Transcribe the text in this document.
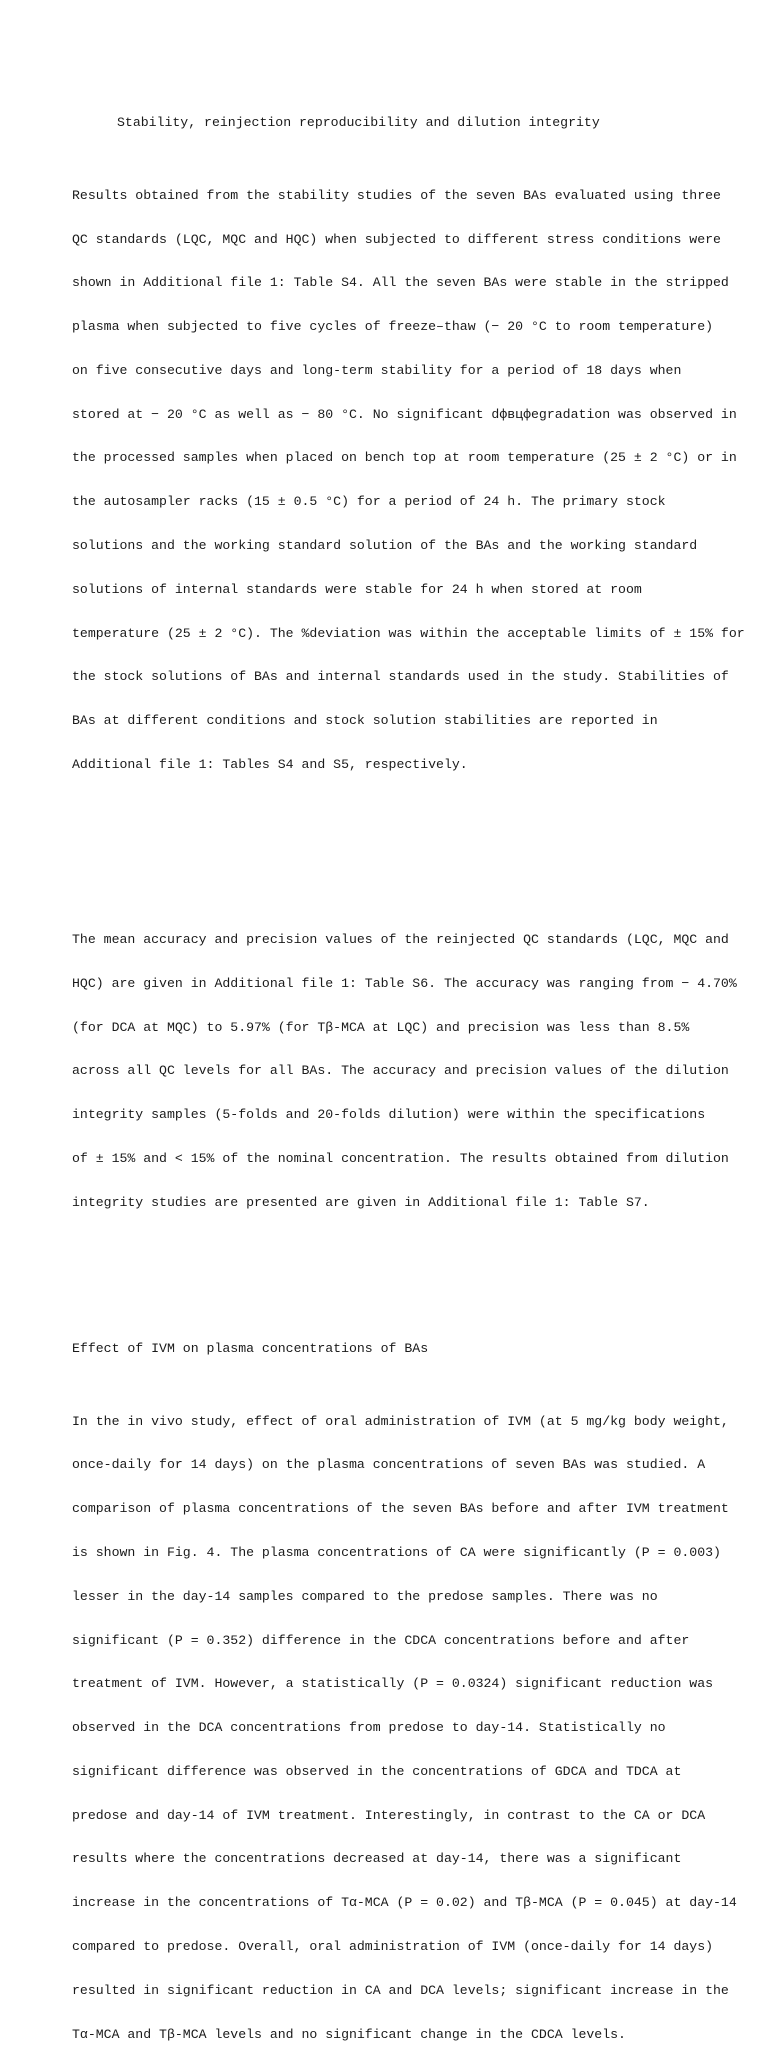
Stability, reinjection reproducibility and dilution integrity

Results obtained from the stability studies of the seven BAs evaluated using three

QC standards (LQC, MQC and HQC) when subjected to different stress conditions were

shown in Additional file 1: Table S4. All the seven BAs were stable in the stripped

plasma when subjected to five cycles of freeze–thaw (− 20 °C to room temperature)

on five consecutive days and long-term stability for a period of 18 days when

stored at − 20 °C as well as − 80 °C. No significant dфвцфegradation was observed in

the processed samples when placed on bench top at room temperature (25 ± 2 °C) or in

the autosampler racks (15 ± 0.5 °C) for a period of 24 h. The primary stock

solutions and the working standard solution of the BAs and the working standard

solutions of internal standards were stable for 24 h when stored at room

temperature (25 ± 2 °C). The %deviation was within the acceptable limits of ± 15% for

the stock solutions of BAs and internal standards used in the study. Stabilities of

BAs at different conditions and stock solution stabilities are reported in

Additional file 1: Tables S4 and S5, respectively.

The mean accuracy and precision values of the reinjected QC standards (LQC, MQC and

HQC) are given in Additional file 1: Table S6. The accuracy was ranging from − 4.70%

(for DCA at MQC) to 5.97% (for Tβ-MCA at LQC) and precision was less than 8.5%

across all QC levels for all BAs. The accuracy and precision values of the dilution

integrity samples (5-folds and 20-folds dilution) were within the specifications

of ± 15% and < 15% of the nominal concentration. The results obtained from dilution

integrity studies are presented are given in Additional file 1: Table S7.

Effect of IVM on plasma concentrations of BAs

In the in vivo study, effect of oral administration of IVM (at 5 mg/kg body weight,

once-daily for 14 days) on the plasma concentrations of seven BAs was studied. A

comparison of plasma concentrations of the seven BAs before and after IVM treatment

is shown in Fig. 4. The plasma concentrations of CA were significantly (P = 0.003)

lesser in the day-14 samples compared to the predose samples. There was no

significant (P = 0.352) difference in the CDCA concentrations before and after

treatment of IVM. However, a statistically (P = 0.0324) significant reduction was

observed in the DCA concentrations from predose to day-14. Statistically no

significant difference was observed in the concentrations of GDCA and TDCA at

predose and day-14 of IVM treatment. Interestingly, in contrast to the CA or DCA

results where the concentrations decreased at day-14, there was a significant

increase in the concentrations of Tα-MCA (P = 0.02) and Tβ-MCA (P = 0.045) at day-14

compared to predose. Overall, oral administration of IVM (once-daily for 14 days)

resulted in significant reduction in CA and DCA levels; significant increase in the

Tα-MCA and Tβ-MCA levels and no significant change in the CDCA levels.
